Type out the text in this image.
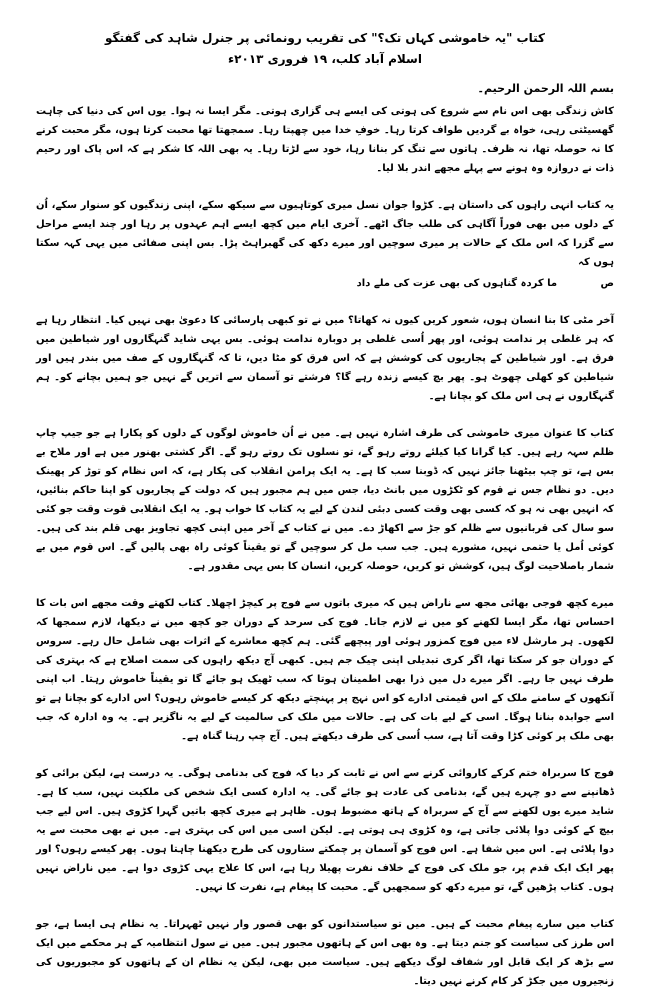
کتاب "یہ خاموشی کہاں تک؟" کی تقریب رونمائی پر جنرل شاہد کی گفتگو
اسلام آباد کلب، ۱۹ فروری ۲۰۱۳ء

بسم اللہ الرحمن الرحیم۔

کاش زندگی بھی اس نام سے شروع کی ہوتی کی ایسے ہی گزاری ہوتی۔ مگر ایسا نہ ہوا۔ یوں اس کی دنیا کی چاہت گھسیٹتی رہی، خواہ بے گردیں طواف کرتا رہا۔ خوفِ خدا میں چھپتا رہا۔ سمجھتا تھا محبت کرتا ہوں، مگر محبت کرنے کا نہ حوصلہ تھا، نہ ظرف۔ ہاتوں سے تنگ کر بنانا رہا، خود سے لڑتا رہا۔ یہ بھی اللہ کا شکر ہے کہ اس پاک اور رحیم ذات نے دروازہ وہ ہونے سے پہلے مجھے اندر بلا لیا۔

یہ کتاب انہی راہوں کی داستان ہے۔ کڑوا جوان نسل میری کوتاہیوں سے سیکھ سکے، اپنی زندگیوں کو سنوار سکے، اُن کے دلوں میں بھی فوراً آگاہی کی طلب جاگ اٹھے۔ آخری ایام میں کچھ ایسے اہم عہدوں پر رہا اور چند ایسے مراحل سے گزرا کہ اس ملک کے حالات پر میری سوچیں اور میرے دکھ کی گھبراہٹ پڑا۔ بس اپنی صفائی میں یہی کہہ سکتا ہوں کہ
ص ما کردہ گناہوں کی بھی عزت کی ملے داد

آخر مٹی کا بنا انسان ہوں، شعور کریں کیوں نہ کھاتا؟ میں نے تو کبھی پارسائی کا دعویٰ بھی نہیں کیا۔ انتظار رہا ہے کہ ہر غلطی پر ندامت ہوئی، اور پھر اُسی غلطی پر دوبارہ ندامت ہوئی۔ بس یہی شاید گنہگاروں اور شیاطین میں فرق ہے۔ اور شیاطین کے پجاریوں کی کوشش ہے کہ اس فرق کو مٹا دیں، تا کہ گنہگاروں کے صف میں بندر ہیں اور شیاطین کو کھلی چھوٹ ہو۔ پھر بچ کیسے زندہ رہے گا؟ فرشتے تو آسمان سے اتریں گے نہیں جو ہمیں بچانے کو۔ ہم گنہگاروں نے ہی اس ملک کو بچانا ہے۔

کتاب کا عنوان میری خاموشی کی طرف اشارہ نہیں ہے۔ میں نے اُن خاموش لوگوں کے دلوں کو پکارا ہے جو جیپ چاپ ظلم سہہ رہے ہیں۔ کیا گرانا کیا کیلئے روتے رہو گے، تو نسلوں تک روتے رہو گے۔ اگر کشتی بھنور میں ہے اور ملاح بے بس ہے، تو چپ بیٹھنا جائز نہیں کہ ڈوبنا سب کا ہے۔ یہ ایک پرامن انقلاب کی پکار ہے، کہ اس نظام کو توڑ کر پھینک دیں۔ دو نظام جس نے قوم کو ٹکڑوں میں بانٹ دیا، جس میں ہم مجبور ہیں کہ دولت کے پجاریوں کو اپنا حاکم بنائیں، کہ انہیں بھی نہ ہو کہ کسی بھی وقت کسی دبئی لندن کے لیے یہ کتاب کا خواب ہو۔ یہ ایک انقلابی قوت وقت جو کئی سو سال کی قربانیوں سے ظلم کو جڑ سے اکھاڑ دے۔ میں نے کتاب کے آخر میں اپنی کچھ تجاویز بھی قلم بند کی ہیں۔ کوئی اُمل یا حتمی نہیں، مشورے ہیں۔ جب سب مل کر سوچیں گے تو یقیناً کوئی راہ بھی پالیں گے۔ اس قوم میں بے شمار باصلاحیت لوگ ہیں، کوشش تو کریں، حوصلہ کریں، انسان کا بس یہی مقدور ہے۔

میرے کچھ فوجی بھائی مجھ سے ناراض ہیں کہ میری باتوں سے فوج پر کیچڑ اچھلا۔ کتاب لکھتے وقت مجھے اس بات کا احساس تھا، مگر ایسا لکھنے کو میں نے لازم جانا۔ فوج کی سرحد کے دوران جو کچھ میں نے دیکھا، لازم سمجھا کہ لکھوں۔ ہر مارشل لاء میں فوج کمزور ہوئی اور پیچھے گئی۔ ہم کچھ معاشرے کے اثرات بھی شامل حال رہے۔ سروس کے دوران جو کر سکتا تھا، اگر کری تبدیلی اپنی چیک جم ہیں۔ کبھی آج دیکھ راہوں کی سمت اصلاح ہے کہ بہتری کی طرف نہیں جا رہے۔ اگر میرے دل میں ذرا بھی اطمینان ہوتا کہ سب ٹھیک ہو جائے گا تو یقیناً خاموش رہتا۔ اب اپنی آنکھوں کے سامنے ملک کے اس قیمتی ادارے کو اس نہج پر پہنچتے دیکھ کر کیسے خاموش رہوں؟ اس ادارے کو بچانا ہے تو اسے جوابدہ بنانا ہوگا۔ اسی کے لیے بات کی ہے۔ حالات میں ملک کی سالمیت کے لیے یہ ناگزیر ہے۔ یہ وہ ادارہ کہ جب بھی ملک پر کوئی کڑا وقت آتا ہے، سب اُسی کی طرف دیکھتے ہیں۔ آج چپ رہنا گناہ ہے۔

فوج کا سربراہ ختم کرکے کاروائی کرنے سے اس نے ثابت کر دیا کہ فوج کی بدنامی ہوگی۔ یہ درست ہے، لیکن برائی کو ڈھانپنے سے دو چہرے ہیں گے، بدنامی کی عادت ہو جائے گی۔ یہ ادارہ کسی ایک شخص کی ملکیت نہیں، سب کا ہے۔ شاید میرے یوں لکھنے سے آج کے سربراہ کے ہاتھ مضبوط ہوں۔ ظاہر ہے میری کچھ باتیں گہرا کڑوی ہیں۔ اس لیے جب بیچ کے کوئی دوا پلائی جاتی ہے، وہ کڑوی ہی ہوتی ہے۔ لیکن اسی میں اس کی بہتری ہے۔ میں نے بھی محبت سے یہ دوا پلائی ہے۔ اس میں شفا ہے۔ اس فوج کو آسمان پر چمکتے ستاروں کی طرح دیکھنا چاہتا ہوں۔ پھر کیسے رہوں؟ اور پھر ایک ایک قدم پر، جو ملک کی فوج کے خلاف نفرت پھیلا رہا ہے، اس کا علاج یہی کڑوی دوا ہے۔ میں ناراض نہیں ہوں۔ کتاب پڑھیں گے، تو میرے دکھ کو سمجھیں گے۔ محبت کا پیغام ہے، نفرت کا نہیں۔

کتاب میں سارے پیغام محبت کے ہیں۔ میں تو سیاستدانوں کو بھی قصور وار نہیں ٹھہراتا۔ یہ نظام ہی ایسا ہے، جو اس طرز کی سیاست کو جنم دیتا ہے۔ وہ بھی اس کے ہاتھوں مجبور ہیں۔ میں نے سول انتظامیہ کے ہر محکمے میں ایک سے بڑھ کر ایک قابل اور شفاف لوگ دیکھے ہیں۔ سیاست میں بھی، لیکن یہ نظام ان کے ہاتھوں کو مجبوریوں کی زنجیروں میں جکڑ کر کام کرنے نہیں دیتا۔
